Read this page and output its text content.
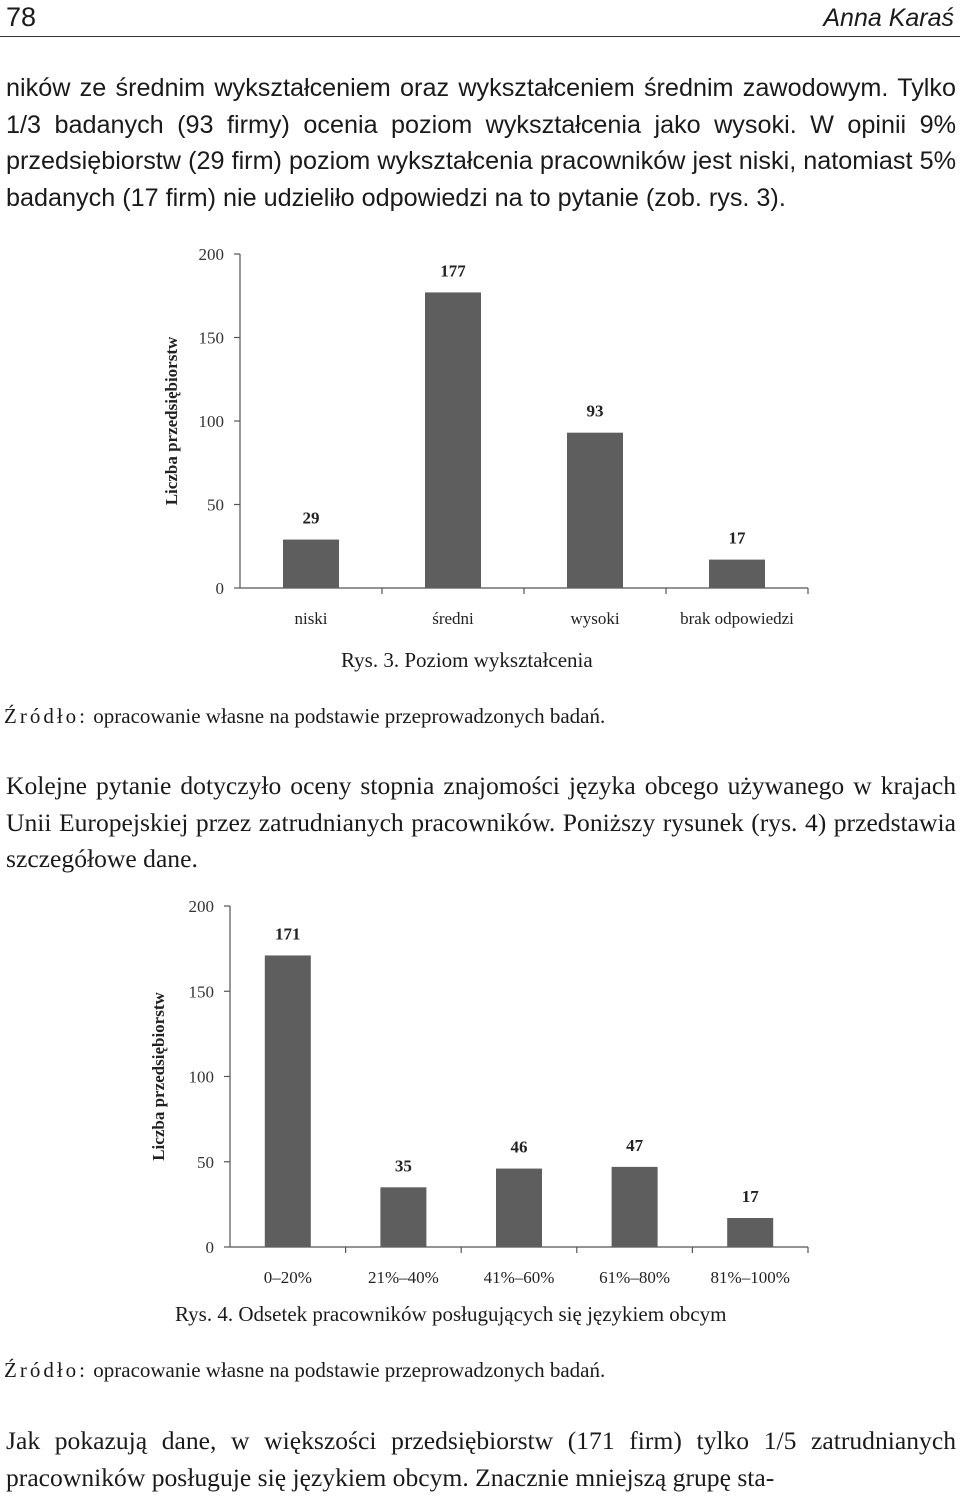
78	Anna Karaś

ników ze średnim wykształceniem oraz wykształceniem średnim zawodowym. Tylko 1/3 badanych (93 firmy) ocenia poziom wykształcenia jako wysoki. W opinii 9% przedsiębiorstw (29 firm) poziom wykształcenia pracowników jest niski, natomiast 5% badanych (17 firm) nie udzieliło odpowiedzi na to pytanie (zob. rys. 3).

0
50
100
150
200
Liczba przedsiębiorstw
29
niski
177
średni
93
wysoki
17
brak odpowiedzi
Rys. 3. Poziom wykształcenia
Źródło: opracowanie własne na podstawie przeprowadzonych badań.

Kolejne pytanie dotyczyło oceny stopnia znajomości języka obcego używanego w krajach Unii Europejskiej przez zatrudnianych pracowników. Poniższy rysunek (rys. 4) przedstawia szczegółowe dane.

0
50
100
150
200
Liczba przedsiębiorstw
171
0–20%
35
21%–40%
46
41%–60%
47
61%–80%
17
81%–100%
Rys. 4. Odsetek pracowników posługujących się językiem obcym
Źródło: opracowanie własne na podstawie przeprowadzonych badań.

Jak pokazują dane, w większości przedsiębiorstw (171 firm) tylko 1/5 zatrudnianych pracowników posługuje się językiem obcym. Znacznie mniejszą grupę sta-
